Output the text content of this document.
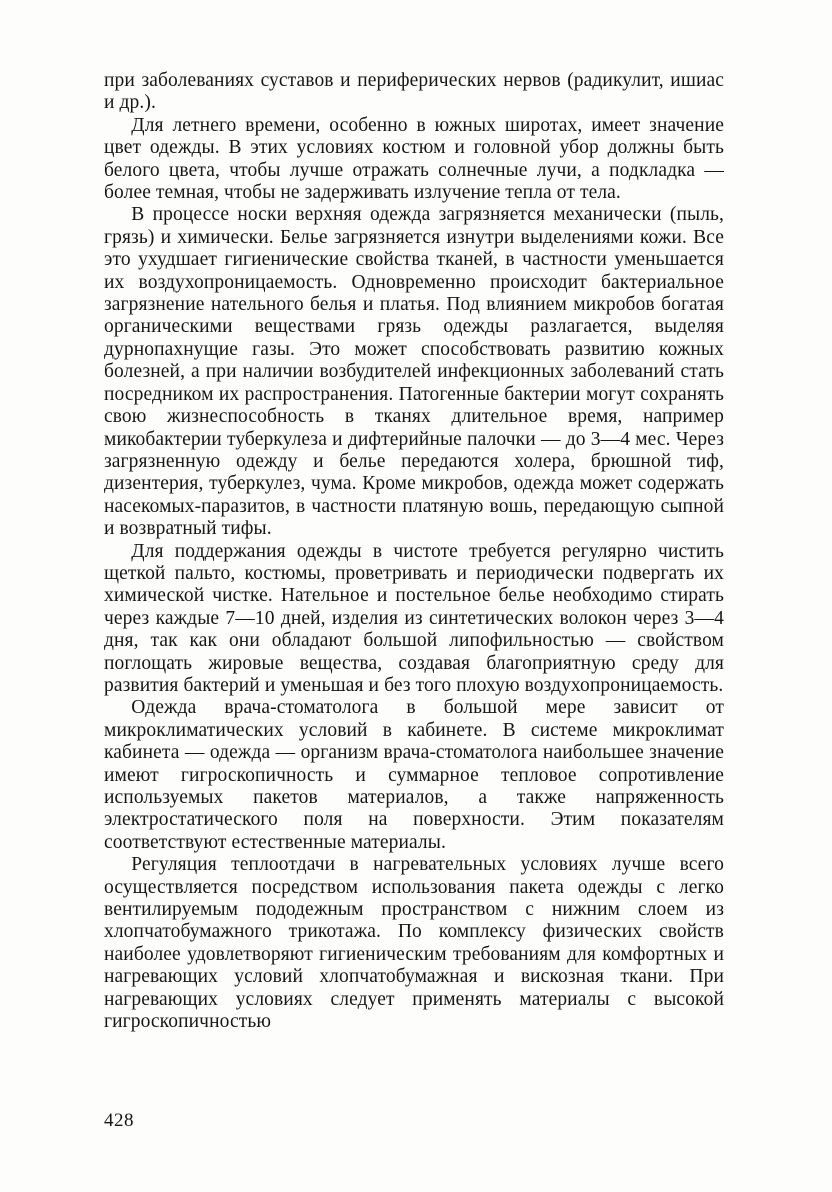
при заболеваниях суставов и периферических нервов (радикулит, ишиас и др.).

Для летнего времени, особенно в южных широтах, имеет значение цвет одежды. В этих условиях костюм и головной убор должны быть белого цвета, чтобы лучше отражать солнечные лучи, а подкладка — более темная, чтобы не задерживать излучение тепла от тела.

В процессе носки верхняя одежда загрязняется механически (пыль, грязь) и химически. Белье загрязняется изнутри выделениями кожи. Все это ухудшает гигиенические свойства тканей, в частности уменьшается их воздухопроницаемость. Одновременно происходит бактериальное загрязнение нательного белья и платья. Под влиянием микробов богатая органическими веществами грязь одежды разлагается, выделяя дурнопахнущие газы. Это может способствовать развитию кожных болезней, а при наличии возбудителей инфекционных заболеваний стать посредником их распространения. Патогенные бактерии могут сохранять свою жизнеспособность в тканях длительное время, например микобактерии туберкулеза и дифтерийные палочки — до 3—4 мес. Через загрязненную одежду и белье передаются холера, брюшной тиф, дизентерия, туберкулез, чума. Кроме микробов, одежда может содержать насекомых-паразитов, в частности платяную вошь, передающую сыпной и возвратный тифы.

Для поддержания одежды в чистоте требуется регулярно чистить щеткой пальто, костюмы, проветривать и периодически подвергать их химической чистке. Нательное и постельное белье необходимо стирать через каждые 7—10 дней, изделия из синтетических волокон через 3—4 дня, так как они обладают большой липофильностью — свойством поглощать жировые вещества, создавая благоприятную среду для развития бактерий и уменьшая и без того плохую воздухопроницаемость.

Одежда врача-стоматолога в большой мере зависит от микроклиматических условий в кабинете. В системе микроклимат кабинета — одежда — организм врача-стоматолога наибольшее значение имеют гигроскопичность и суммарное тепловое сопротивление используемых пакетов материалов, а также напряженность электростатического поля на поверхности. Этим показателям соответствуют естественные материалы.

Регуляция теплоотдачи в нагревательных условиях лучше всего осуществляется посредством использования пакета одежды с легко вентилируемым пододежным пространством с нижним слоем из хлопчатобумажного трикотажа. По комплексу физических свойств наиболее удовлетворяют гигиеническим требованиям для комфортных и нагревающих условий хлопчатобумажная и вискозная ткани. При нагревающих условиях следует применять материалы с высокой гигроскопичностью

428
